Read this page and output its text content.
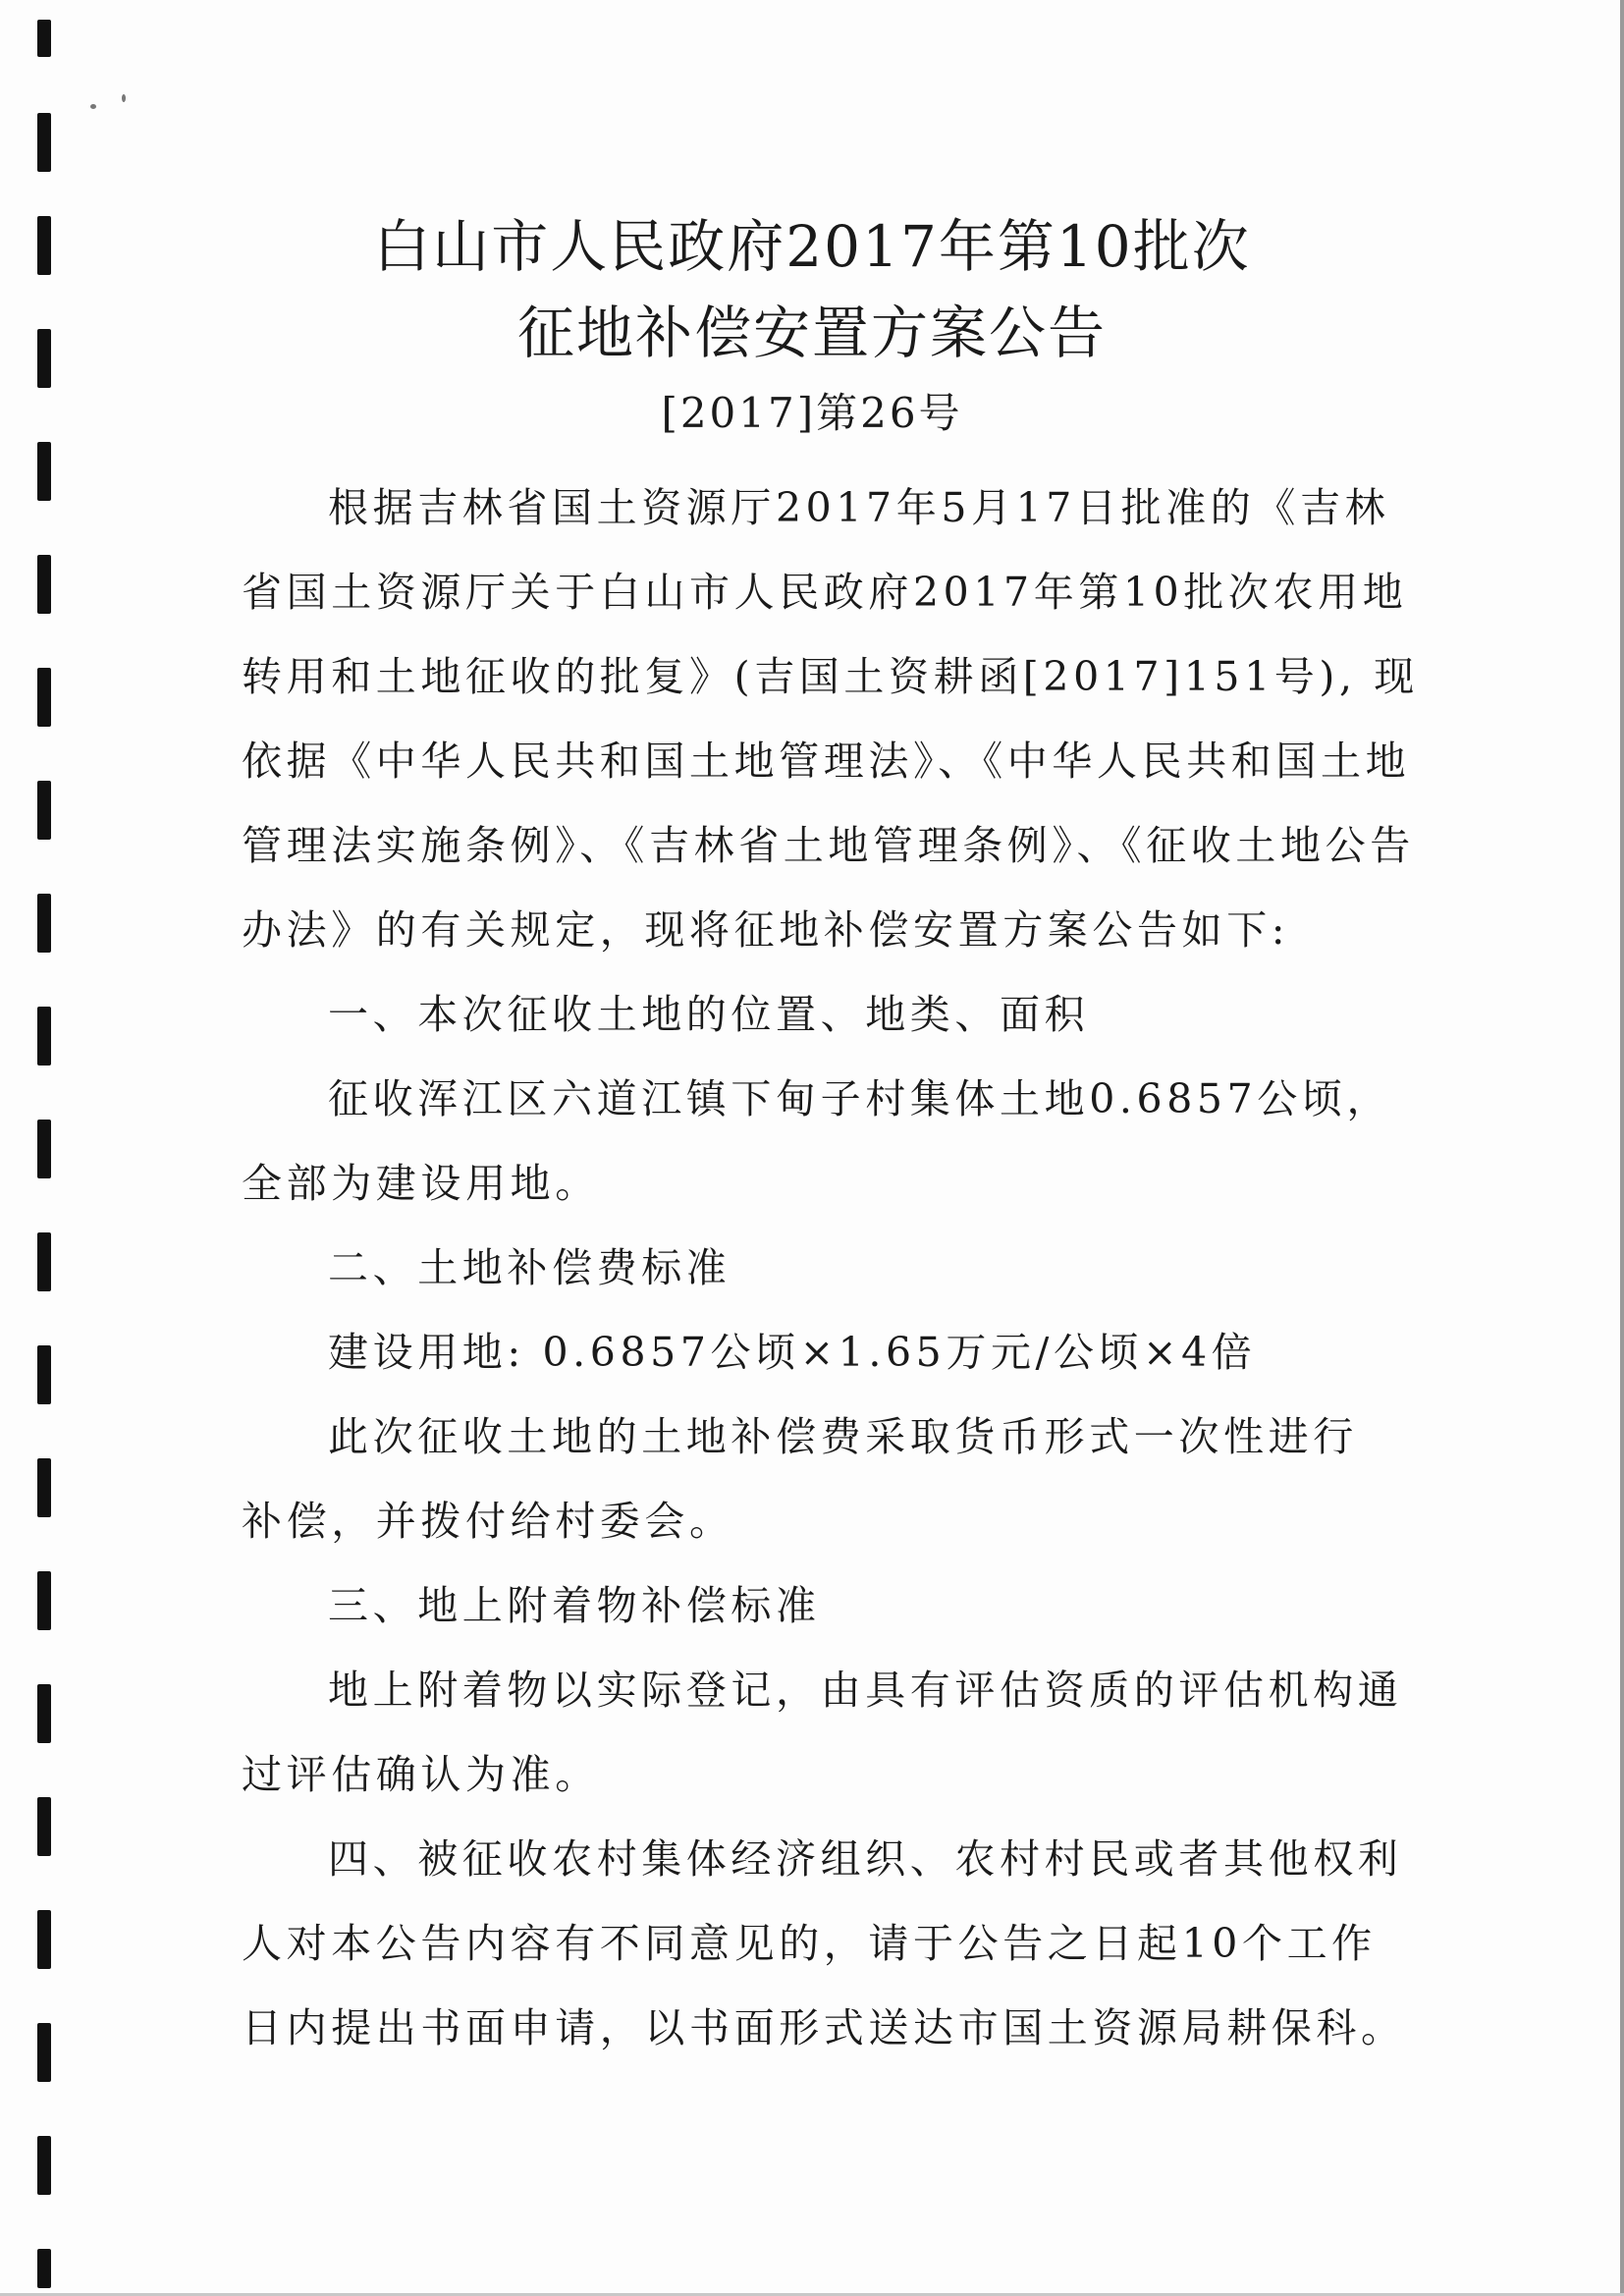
白山市人民政府2017年第10批次
征地补偿安置方案公告
[2017]第26号
根据吉林省国土资源厅2017年5月17日批准的《吉林
省国土资源厅关于白山市人民政府2017年第10批次农用地
转用和土地征收的批复》(吉国土资耕函[2017]151号), 现
依据《中华人民共和国土地管理法》、《中华人民共和国土地
管理法实施条例》、《吉林省土地管理条例》、《征收土地公告
办法》的有关规定，现将征地补偿安置方案公告如下:
一、本次征收土地的位置、地类、面积
征收浑江区六道江镇下甸子村集体土地0.6857公顷，
全部为建设用地。
二、土地补偿费标准
建设用地: 0.6857公顷×1.65万元/公顷×4倍
此次征收土地的土地补偿费采取货币形式一次性进行
补偿，并拨付给村委会。
三、地上附着物补偿标准
地上附着物以实际登记，由具有评估资质的评估机构通
过评估确认为准。
四、被征收农村集体经济组织、农村村民或者其他权利
人对本公告内容有不同意见的，请于公告之日起10个工作
日内提出书面申请，以书面形式送达市国土资源局耕保科。
